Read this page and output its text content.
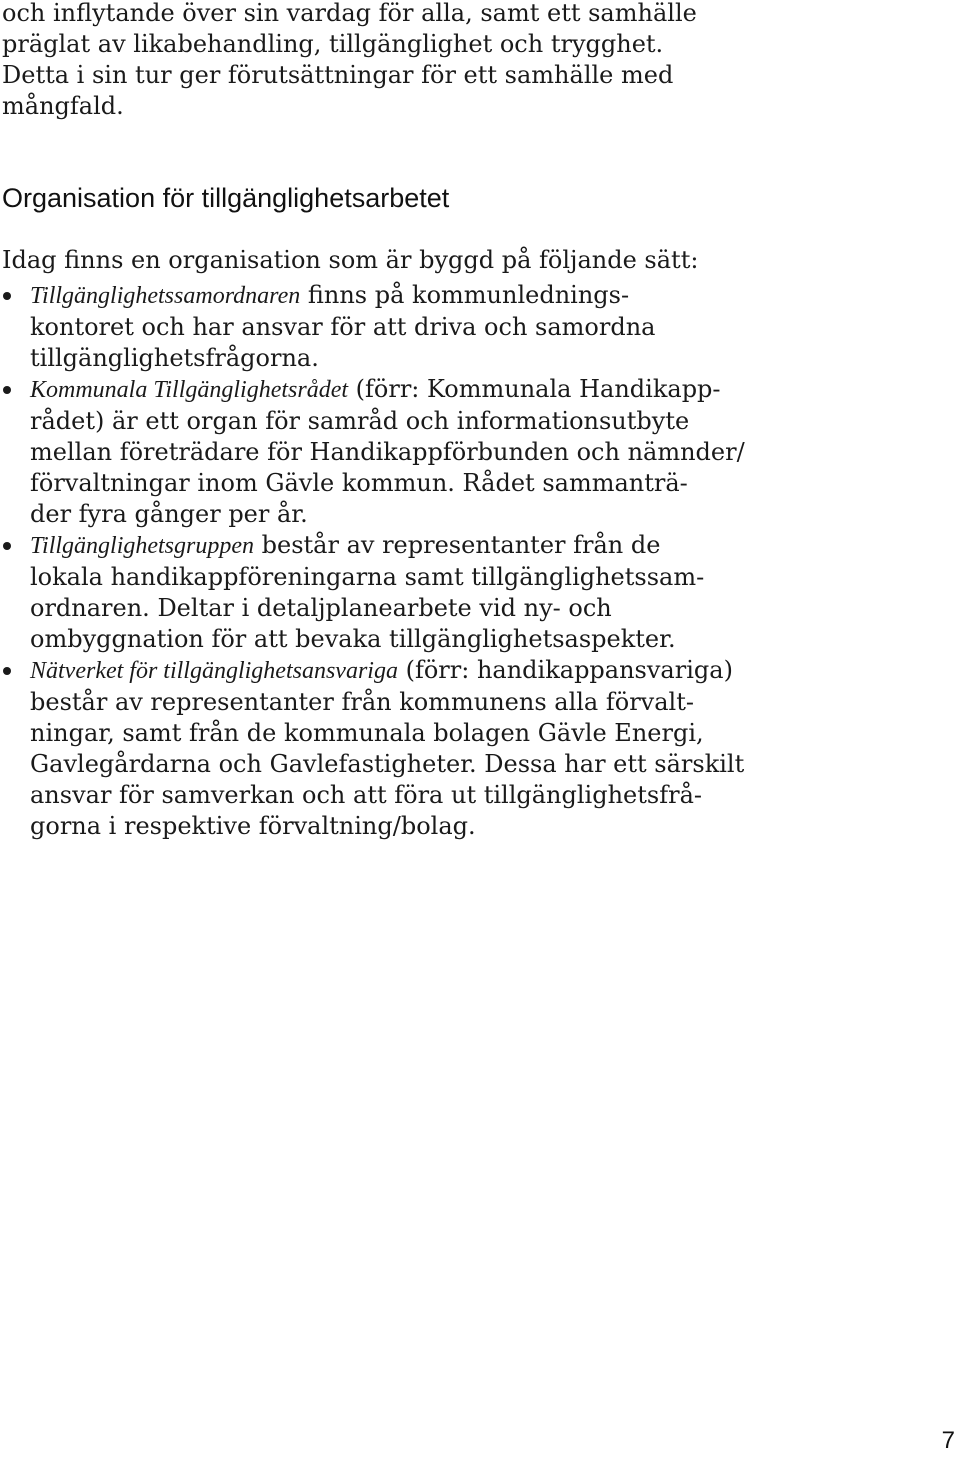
och inflytande över sin vardag för alla, samt ett samhälle
präglat av likabehandling, tillgänglighet och trygghet.
Detta i sin tur ger förutsättningar för ett samhälle med
mångfald.

Organisation för tillgänglighetsarbetet

Idag finns en organisation som är byggd på följande sätt:

Tillgänglighetssamordnaren finns på kommunlednings-
kontoret och har ansvar för att driva och samordna
tillgänglighetsfrågorna.
Kommunala Tillgänglighetsrådet (förr: Kommunala Handikapp-
rådet) är ett organ för samråd och informationsutbyte
mellan företrädare för Handikappförbunden och nämnder/
förvaltningar inom Gävle kommun. Rådet sammanträ-
der fyra gånger per år.
Tillgänglighetsgruppen består av representanter från de
lokala handikappföreningarna samt tillgänglighetssam-
ordnaren. Deltar i detaljplanearbete vid ny- och
ombyggnation för att bevaka tillgänglighetsaspekter.
Nätverket för tillgänglighetsansvariga (förr: handikappansvariga)
består av representanter från kommunens alla förvalt-
ningar, samt från de kommunala bolagen Gävle Energi,
Gavlegårdarna och Gavlefastigheter. Dessa har ett särskilt
ansvar för samverkan och att föra ut tillgänglighetsfrå-
gorna i respektive förvaltning/bolag.
7
